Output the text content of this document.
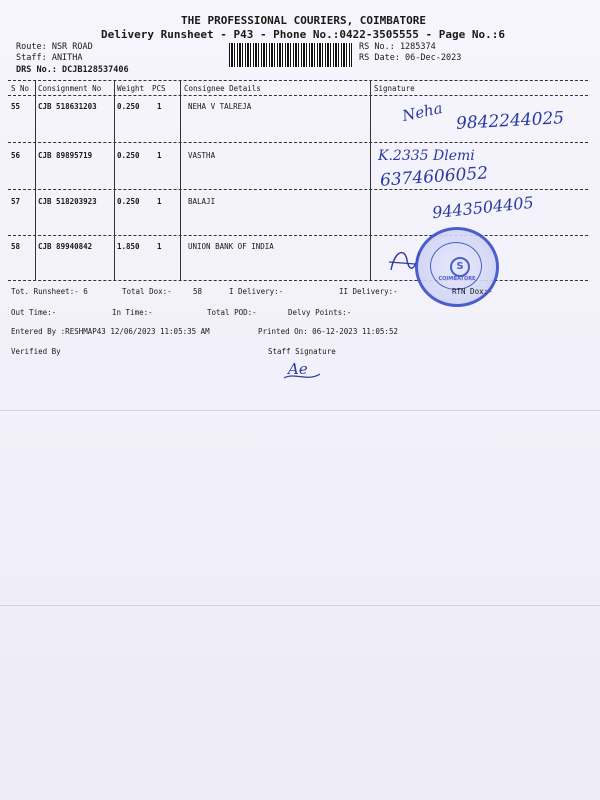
THE PROFESSIONAL COURIERS, COIMBATORE
Delivery Runsheet - P43 - Phone No.:0422-3505555 - Page No.:6
Route: NSR ROAD
Staff: ANITHA
DRS No.: DCJB128537406
RS No.: 1285374
RS Date: 06-Dec-2023
S No Consignment No Weight PCS Consignee Details	Signature
55 CJB 518631203	0.250 1	NEHA V TALREJA
56 CJB 89895719	0.250 1	VASTHA
57 CJB 518203923	0.250 1	BALAJI
58 CJB 89940842	1.850 1	UNION BANK OF INDIA
Neha 9842244025
K.2335 Dlemi
6374606052
9443504405
S
COIMBATORE
Tot. Runsheet:- 6	Total Dox:-	58	I Delivery:-	II Delivery:-	RTN Dox:-
Out Time:-	In Time:-	Total POD:-	Delvy Points:-
Entered By :RESHMAP43 12/06/2023 11:05:35 AM	Printed On: 06-12-2023 11:05:52
Verified By	Staff Signature
Ae
